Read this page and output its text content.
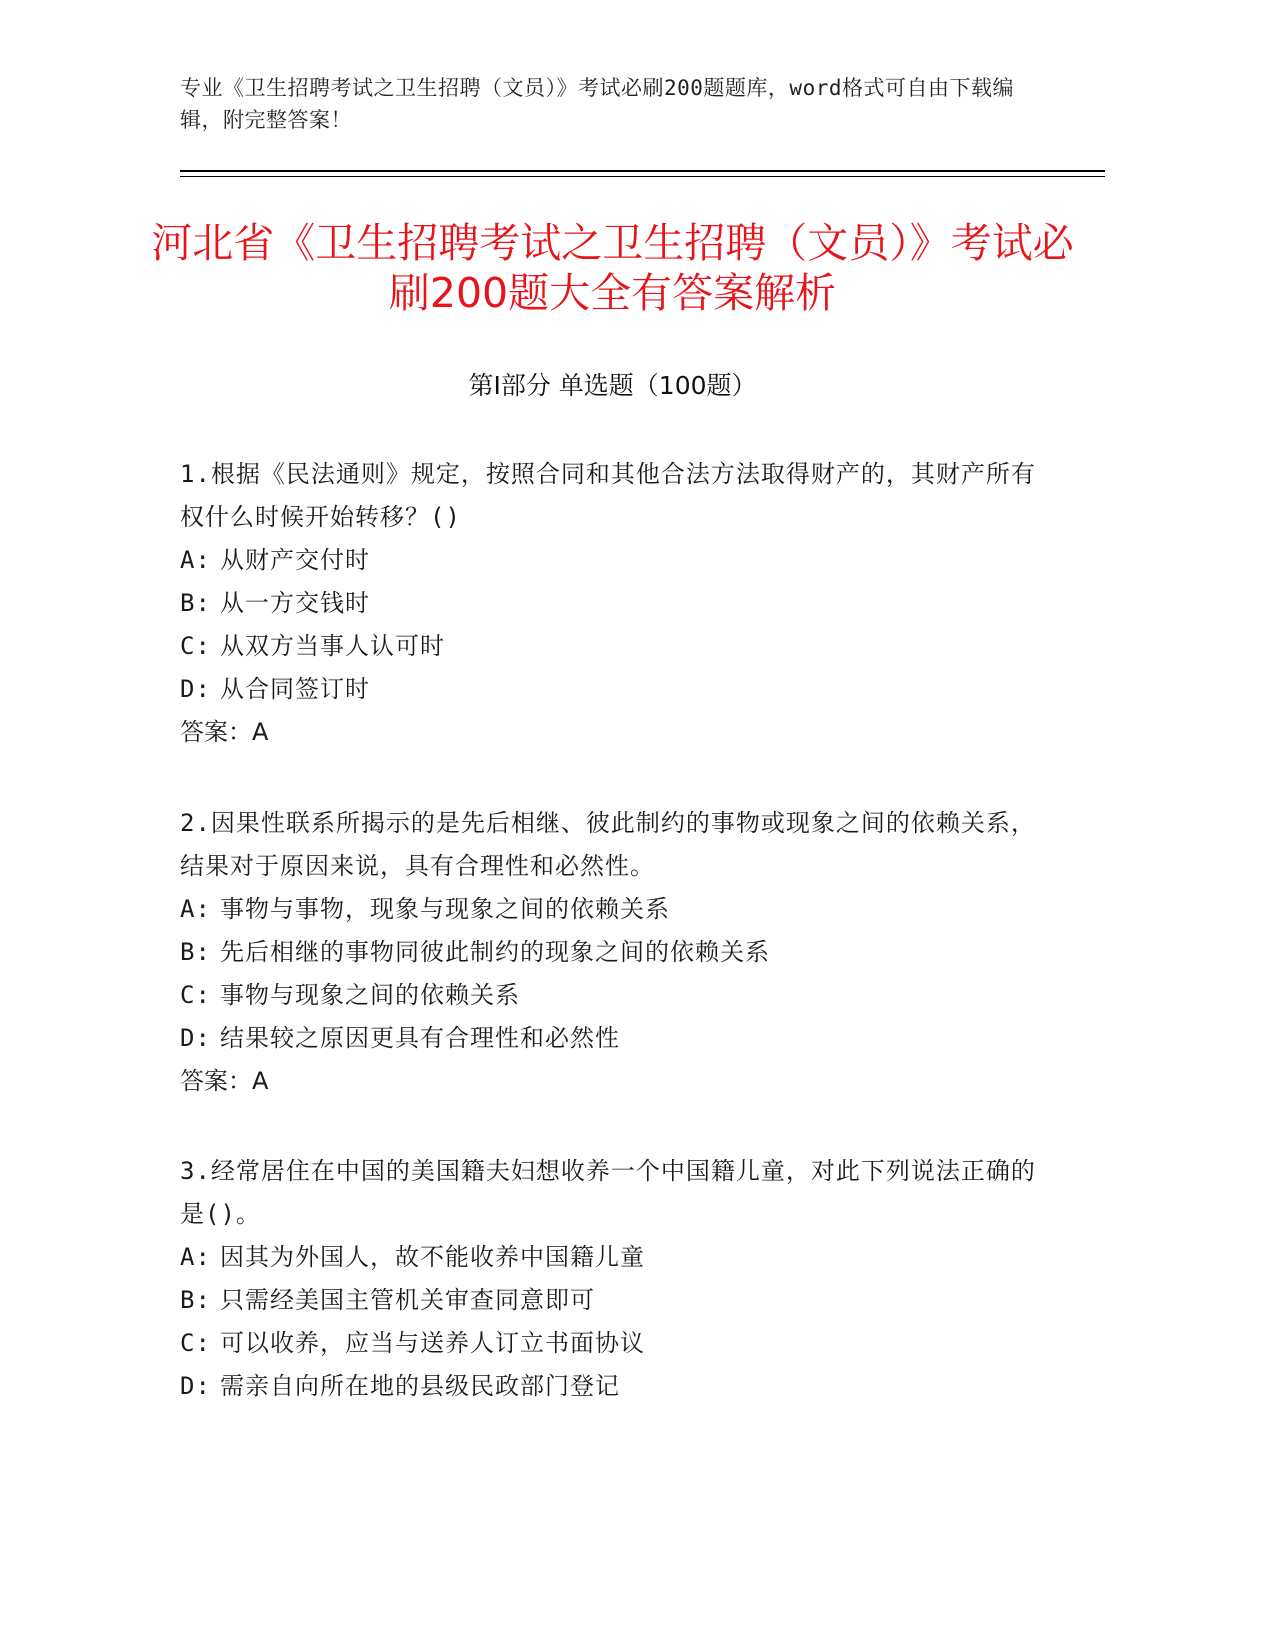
专业《卫生招聘考试之卫生招聘（文员）》考试必刷200题题库，word格式可自由下载编辑，附完整答案！
河北省《卫生招聘考试之卫生招聘（文员）》考试必刷200题大全有答案解析
第Ⅰ部分 单选题（100题）
1.根据《民法通则》规定，按照合同和其他合法方法取得财产的，其财产所有权什么时候开始转移？()
A: 从财产交付时
B: 从一方交钱时
C: 从双方当事人认可时
D: 从合同签订时
答案：A
2.因果性联系所揭示的是先后相继、彼此制约的事物或现象之间的依赖关系，结果对于原因来说，具有合理性和必然性。
A: 事物与事物，现象与现象之间的依赖关系
B: 先后相继的事物同彼此制约的现象之间的依赖关系
C: 事物与现象之间的依赖关系
D: 结果较之原因更具有合理性和必然性
答案：A
3.经常居住在中国的美国籍夫妇想收养一个中国籍儿童，对此下列说法正确的是()。
A: 因其为外国人，故不能收养中国籍儿童
B: 只需经美国主管机关审查同意即可
C: 可以收养，应当与送养人订立书面协议
D: 需亲自向所在地的县级民政部门登记
